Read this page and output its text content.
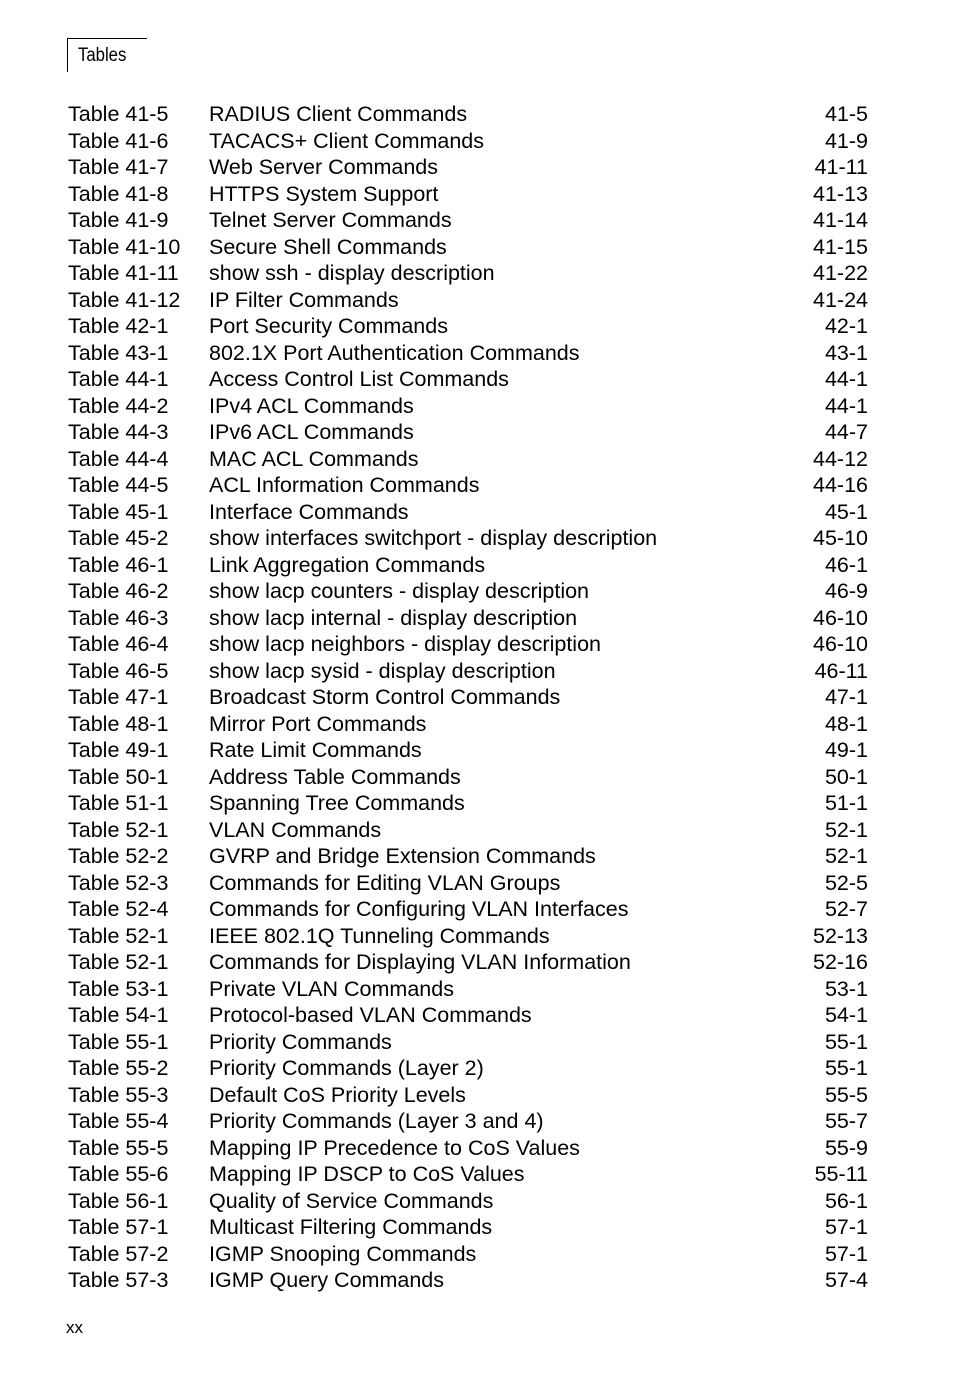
Tables
Table 41-5 RADIUS Client Commands	41-5
Table 41-6 TACACS+ Client Commands	41-9
Table 41-7 Web Server Commands	41-11
Table 41-8 HTTPS System Support	41-13
Table 41-9 Telnet Server Commands	41-14
Table 41-10 Secure Shell Commands	41-15
Table 41-11 show ssh - display description	41-22
Table 41-12 IP Filter Commands	41-24
Table 42-1 Port Security Commands	42-1
Table 43-1 802.1X Port Authentication Commands	43-1
Table 44-1 Access Control List Commands	44-1
Table 44-2 IPv4 ACL Commands	44-1
Table 44-3 IPv6 ACL Commands	44-7
Table 44-4 MAC ACL Commands	44-12
Table 44-5 ACL Information Commands	44-16
Table 45-1 Interface Commands	45-1
Table 45-2 show interfaces switchport - display description	45-10
Table 46-1 Link Aggregation Commands	46-1
Table 46-2 show lacp counters - display description	46-9
Table 46-3 show lacp internal - display description	46-10
Table 46-4 show lacp neighbors - display description	46-10
Table 46-5 show lacp sysid - display description	46-11
Table 47-1 Broadcast Storm Control Commands	47-1
Table 48-1 Mirror Port Commands	48-1
Table 49-1 Rate Limit Commands	49-1
Table 50-1 Address Table Commands	50-1
Table 51-1 Spanning Tree Commands	51-1
Table 52-1 VLAN Commands	52-1
Table 52-2 GVRP and Bridge Extension Commands	52-1
Table 52-3 Commands for Editing VLAN Groups	52-5
Table 52-4 Commands for Configuring VLAN Interfaces	52-7
Table 52-1 IEEE 802.1Q Tunneling Commands	52-13
Table 52-1 Commands for Displaying VLAN Information	52-16
Table 53-1 Private VLAN Commands	53-1
Table 54-1 Protocol-based VLAN Commands	54-1
Table 55-1 Priority Commands	55-1
Table 55-2 Priority Commands (Layer 2)	55-1
Table 55-3 Default CoS Priority Levels	55-5
Table 55-4 Priority Commands (Layer 3 and 4)	55-7
Table 55-5 Mapping IP Precedence to CoS Values	55-9
Table 55-6 Mapping IP DSCP to CoS Values	55-11
Table 56-1 Quality of Service Commands	56-1
Table 57-1 Multicast Filtering Commands	57-1
Table 57-2 IGMP Snooping Commands	57-1
Table 57-3 IGMP Query Commands	57-4
xx
